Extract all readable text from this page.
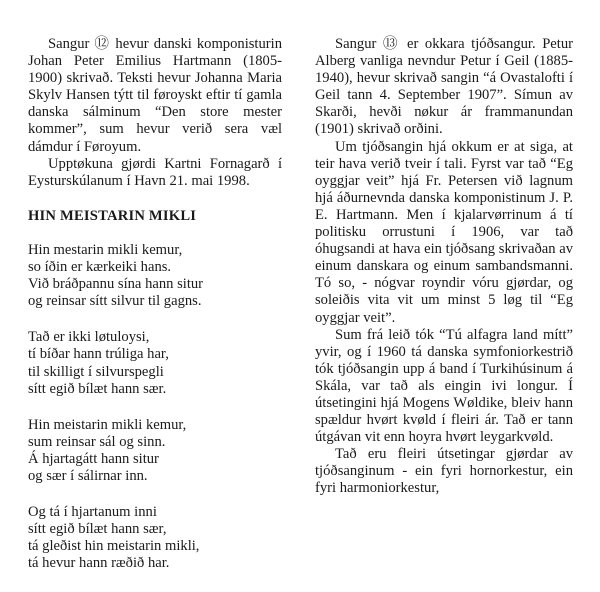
Sangur ⑫ hevur danski komponisturin Johan Peter Emilius Hartmann (1805-1900) skrivað. Teksti hevur Johanna Maria Skylv Hansen týtt til føroyskt eftir tí gamla danska sálminum “Den store mester kommer”, sum hevur verið sera væl dámdur í Føroyum.

Upptøkuna gjørdi Kartni Fornagarð í Eysturskúlanum í Havn 21. mai 1998.

HIN MEISTARIN MIKLI

Hin mestarin mikli kemur,
so íðin er kærkeiki hans.
Við bráðpannu sína hann situr
og reinsar sítt silvur til gagns.
Tað er ikki løtuloysi,
tí bíðar hann trúliga har,
til skilligt í silvurspegli
sítt egið bílæt hann sær.
Hin meistarin mikli kemur,
sum reinsar sál og sinn.
Á hjartagátt hann situr
og sær í sálirnar inn.
Og tá í hjartanum inni
sítt egið bílæt hann sær,
tá gleðist hin meistarin mikli,
tá hevur hann ræðið har.

Sangur ⑬ er okkara tjóðsangur. Petur Alberg vanliga nevndur Petur í Geil (1885-1940), hevur skrivað sangin “á Ovastalofti í Geil tann 4. September 1907”. Símun av Skarði, hevði nøkur ár frammanundan (1901) skrivað orðini.

Um tjóðsangin hjá okkum er at siga, at teir hava verið tveir í tali. Fyrst var tað “Eg oyggjar veit” hjá Fr. Petersen við lagnum hjá áðurnevnda danska komponistinum J. P. E. Hartmann. Men í kjalarvørrinum á tí politisku orrustuni í 1906, var tað óhugsandi at hava ein tjóðsang skrivaðan av einum danskara og einum sambandsmanni. Tó so, - nógvar royndir vóru gjørdar, og soleiðis vita vit um minst 5 løg til “Eg oyggjar veit”.

Sum frá leið tók “Tú alfagra land mítt” yvir, og í 1960 tá danska symfoniorkestrið tók tjóðsangin upp á band í Turkihúsinum á Skála, var tað als eingin ivi longur. Í útsetingini hjá Mogens Wøldike, bleiv hann spældur hvørt kvøld í fleiri ár. Tað er tann útgávan vit enn hoyra hvørt leygarkvøld.

Tað eru fleiri útsetingar gjørdar av tjóðsanginum - ein fyri hornorkestur, ein fyri harmoniorkestur,
